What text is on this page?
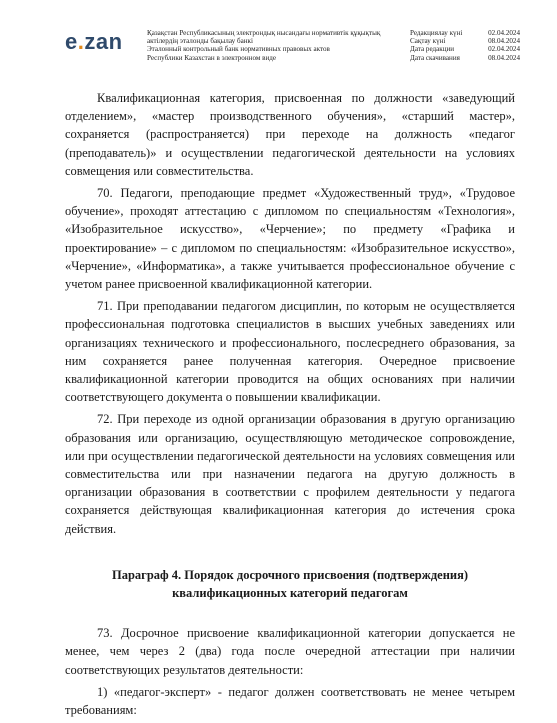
e.zan	Қазақстан Республикасының электрондық нысандағы нормативтік құқықтық
актілердің эталонды бақылау банкі
Эталонный контрольный банк нормативных правовых актов
Республики Казахстан в электронном виде
Редакциялау күні	02.04.2024
Сақтау күні	08.04.2024
Дата редакции	02.04.2024
Дата скачивания	08.04.2024

Квалификационная категория, присвоенная по должности «заведующий отделением», «мастер производственного обучения», «старший мастер», сохраняется (распространяется) при переходе на должность «педагог (преподаватель)» и осуществлении педагогической деятельности на условиях совмещения или совместительства.

70. Педагоги, преподающие предмет «Художественный труд», «Трудовое обучение», проходят аттестацию с дипломом по специальностям «Технология», «Изобразительное искусство», «Черчение»; по предмету «Графика и проектирование» – с дипломом по специальностям: «Изобразительное искусство», «Черчение», «Информатика», а также учитывается профессиональное обучение с учетом ранее присвоенной квалификационной категории.

71. При преподавании педагогом дисциплин, по которым не осуществляется профессиональная подготовка специалистов в высших учебных заведениях или организациях технического и профессионального, послесреднего образования, за ним сохраняется ранее полученная категория. Очередное присвоение квалификационной категории проводится на общих основаниях при наличии соответствующего документа о повышении квалификации.

72. При переходе из одной организации образования в другую организацию образования или организацию, осуществляющую методическое сопровождение, или при осуществлении педагогической деятельности на условиях совмещения или совместительства или при назначении педагога на другую должность в организации образования в соответствии с профилем деятельности у педагога сохраняется действующая квалификационная категория до истечения срока действия.

Параграф 4. Порядок досрочного присвоения (подтверждения)
квалификационных категорий педагогам

73. Досрочное присвоение квалификационной категории допускается не менее, чем через 2 (два) года после очередной аттестации при наличии соответствующих результатов деятельности:

1) «педагог-эксперт» - педагог должен соответствовать не менее четырем требованиям:
